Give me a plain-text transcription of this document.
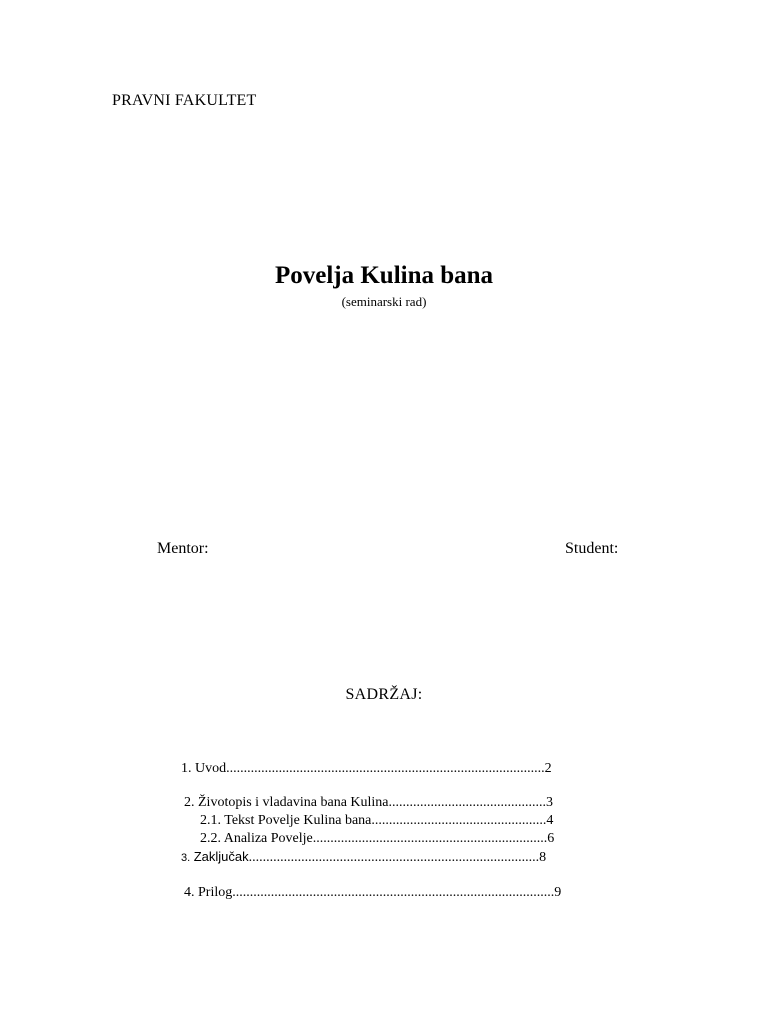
PRAVNI FAKULTET
Povelja Kulina bana
(seminarski rad)
Mentor:	Student:
SADRŽAJ:
1. Uvod...........................................................................................2
2. Životopis i vladavina bana Kulina.............................................3
2.1. Tekst Povelje Kulina bana..................................................4
2.2. Analiza Povelje...................................................................6
3. Zaključak...................................................................................8
4. Prilog............................................................................................9
